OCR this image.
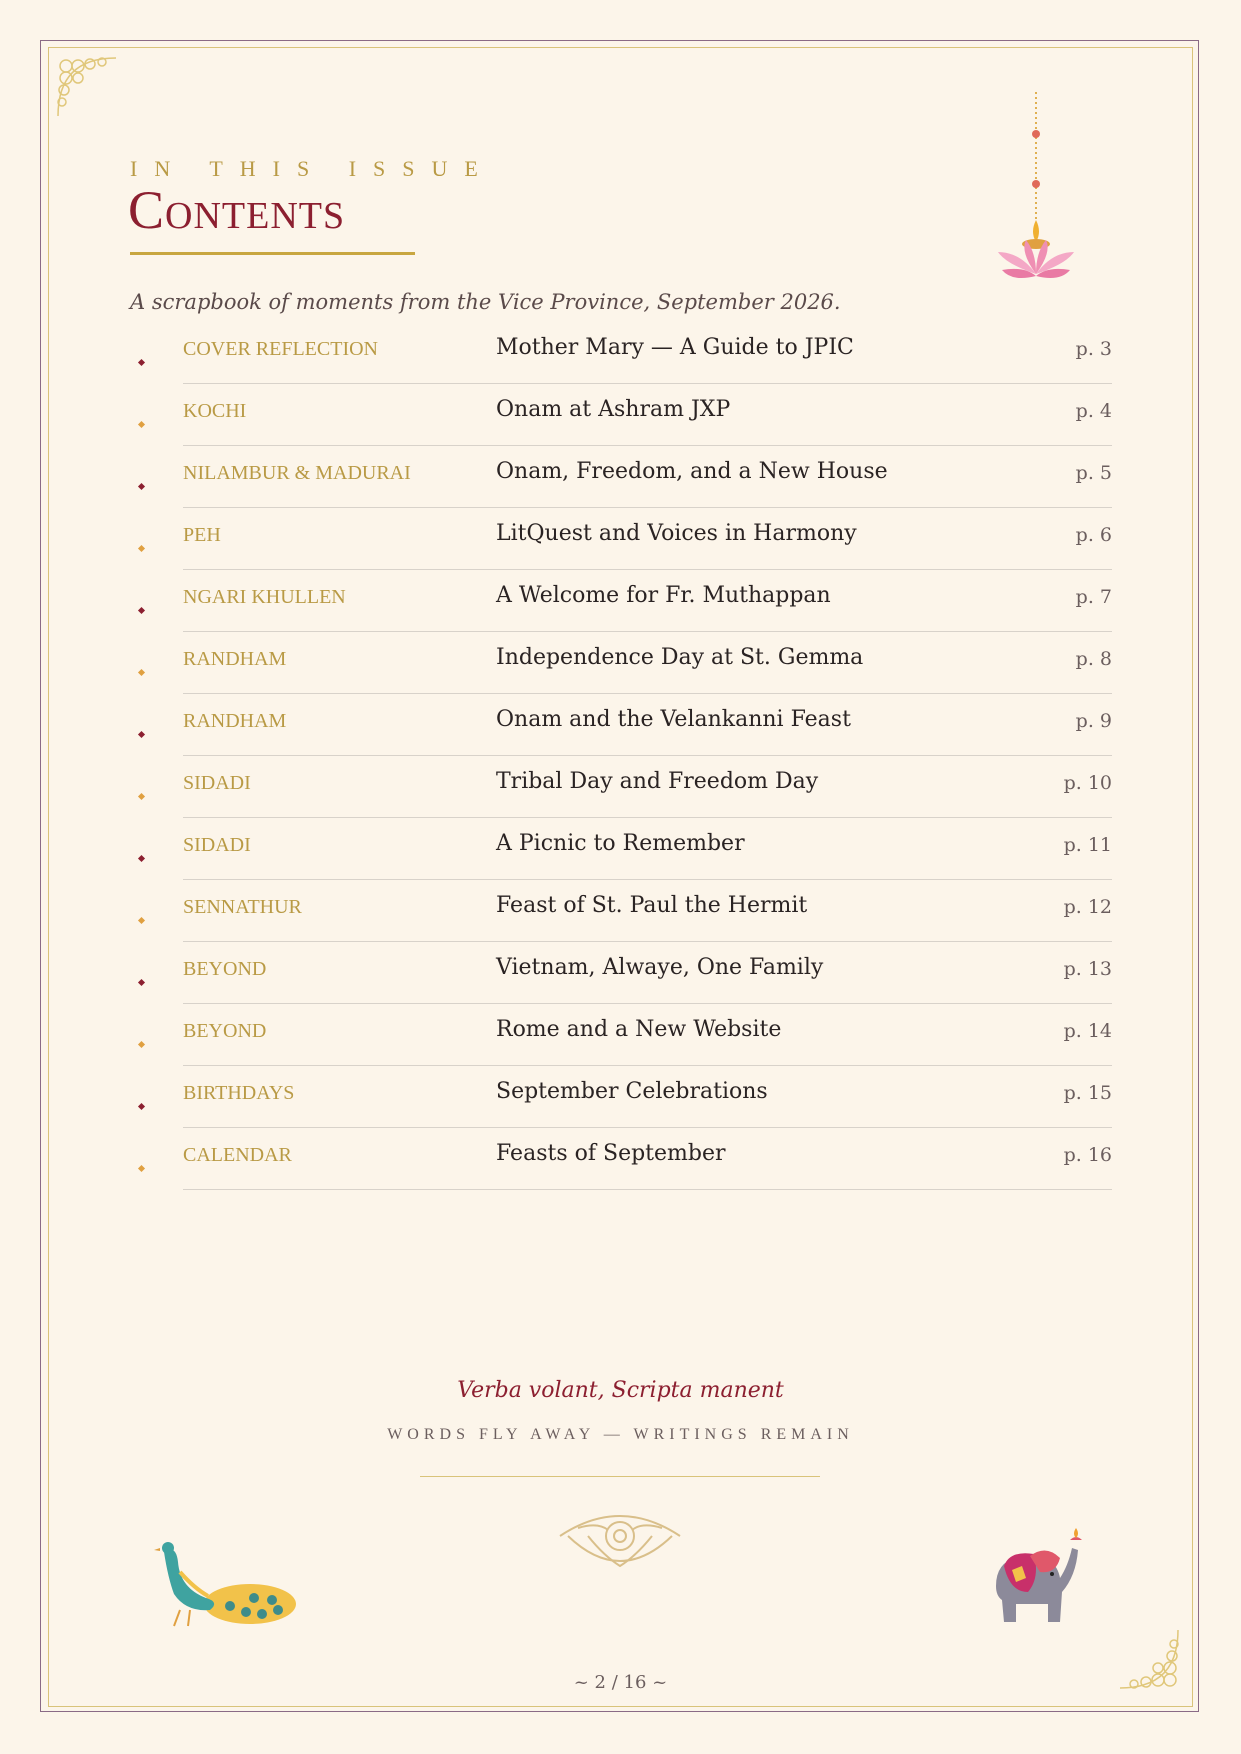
IN THIS ISSUE
Contents
A scrapbook of moments from the Vice Province, September 2026.
COVER REFLECTION	Mother Mary — A Guide to JPIC	p. 3
KOCHI	Onam at Ashram JXP	p. 4
NILAMBUR & MADURAI	Onam, Freedom, and a New House	p. 5
PEH	LitQuest and Voices in Harmony	p. 6
NGARI KHULLEN	A Welcome for Fr. Muthappan	p. 7
RANDHAM	Independence Day at St. Gemma	p. 8
RANDHAM	Onam and the Velankanni Feast	p. 9
SIDADI	Tribal Day and Freedom Day	p. 10
SIDADI	A Picnic to Remember	p. 11
SENNATHUR	Feast of St. Paul the Hermit	p. 12
BEYOND	Vietnam, Alwaye, One Family	p. 13
BEYOND	Rome and a New Website	p. 14
BIRTHDAYS	September Celebrations	p. 15
CALENDAR	Feasts of September	p. 16
Verba volant, Scripta manent
WORDS FLY AWAY — WRITINGS REMAIN
~ 2 / 16 ~
